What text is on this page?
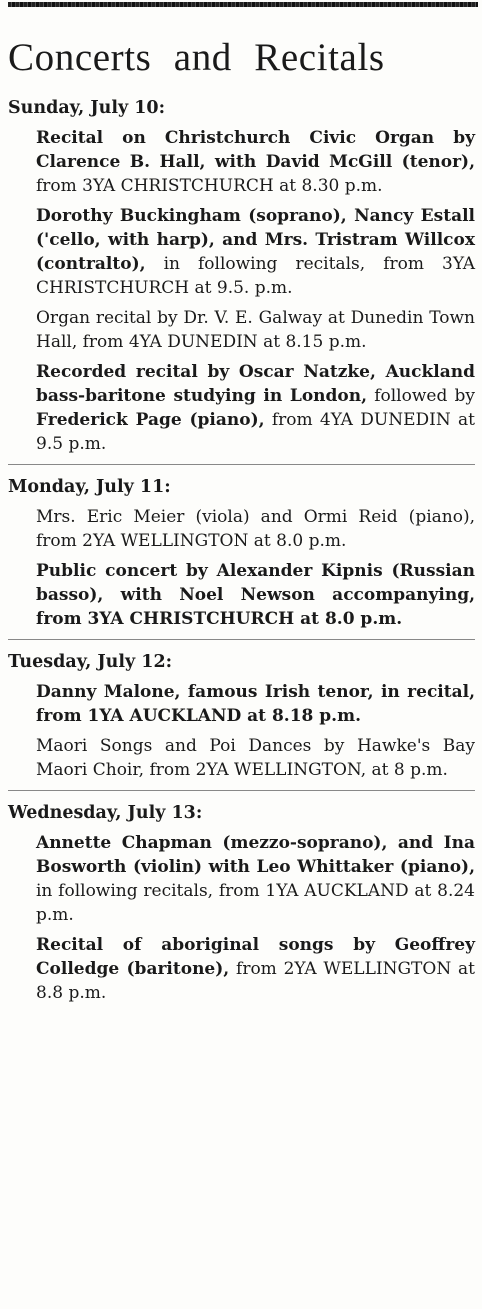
Concerts and Recitals

Sunday, July 10:

Recital on Christchurch Civic Organ by Clarence B. Hall, with David McGill (tenor), from 3YA CHRISTCHURCH at 8.30 p.m.

Dorothy Buckingham (soprano), Nancy Estall ('cello, with harp), and Mrs. Tristram Willcox (contralto), in following recitals, from 3YA CHRISTCHURCH at 9.5. p.m.

Organ recital by Dr. V. E. Galway at Dunedin Town Hall, from 4YA DUNEDIN at 8.15 p.m.

Recorded recital by Oscar Natzke, Auckland bass-baritone studying in London, followed by Frederick Page (piano), from 4YA DUNEDIN at 9.5 p.m.

Monday, July 11:

Mrs. Eric Meier (viola) and Ormi Reid (piano), from 2YA WELLINGTON at 8.0 p.m.

Public concert by Alexander Kipnis (Russian basso), with Noel Newson accompanying, from 3YA CHRISTCHURCH at 8.0 p.m.

Tuesday, July 12:

Danny Malone, famous Irish tenor, in recital, from 1YA AUCKLAND at 8.18 p.m.

Maori Songs and Poi Dances by Hawke's Bay Maori Choir, from 2YA WELLINGTON, at 8 p.m.

Wednesday, July 13:

Annette Chapman (mezzo-soprano), and Ina Bosworth (violin) with Leo Whittaker (piano), in following recitals, from 1YA AUCKLAND at 8.24 p.m.

Recital of aboriginal songs by Geoffrey Colledge (baritone), from 2YA WELLINGTON at 8.8 p.m.
